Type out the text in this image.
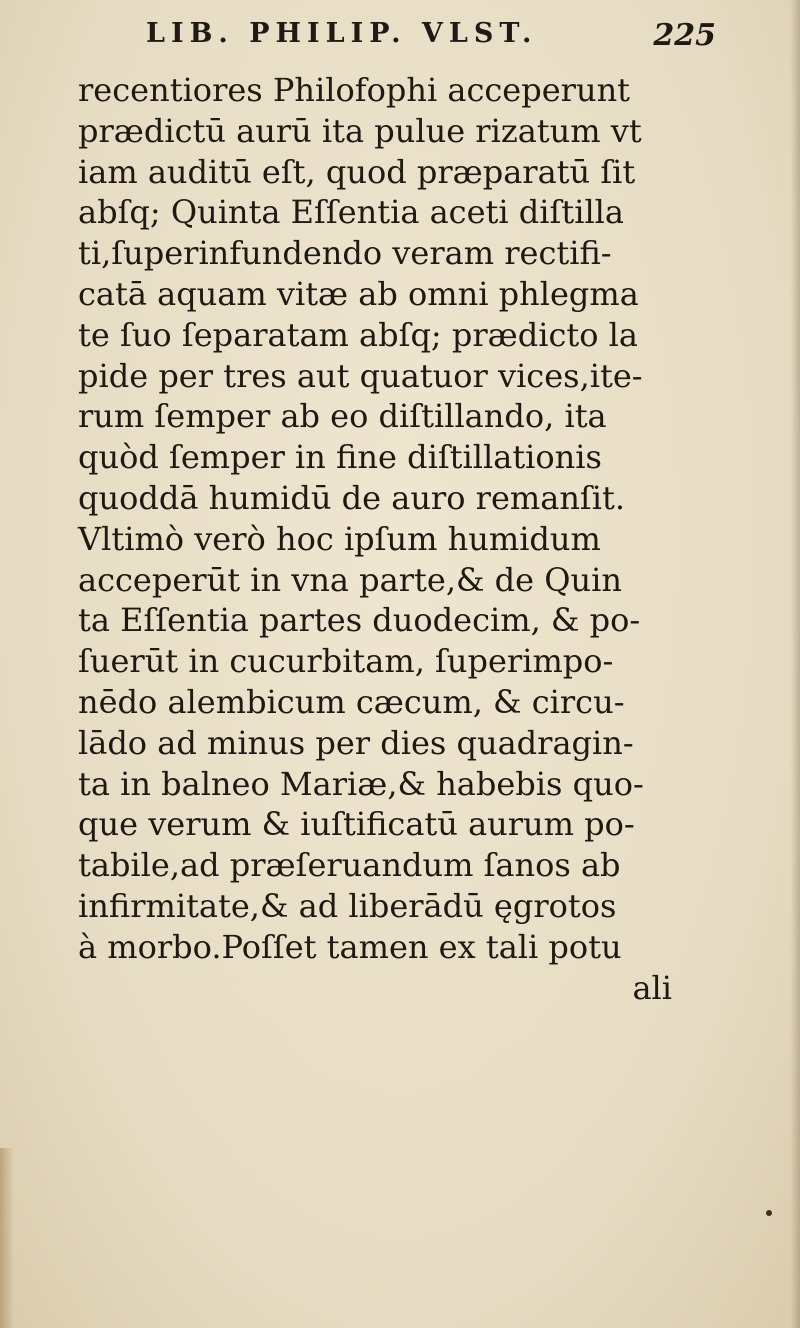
LIB. PHILIP. VLST.	225
recentiores Philofophi acceperunt
prædictū aurū ita pulue rizatum vt
iam auditū eſt, quod præparatū ſit
abſq; Quinta Eſſentia aceti diſtilla
ti,ſuperinfundendo veram rectifi-
catā aquam vitæ ab omni phlegma
te ſuo ſeparatam abſq; prædicto la
pide per tres aut quatuor vices,ite-
rum ſemper ab eo diſtillando, ita
quòd ſemper in fine diſtillationis
quoddā humidū de auro remanſit.
Vltimò verò hoc ipſum humidum
acceperūt in vna parte,& de Quin
ta Eſſentia partes duodecim, & po-
ſuerūt in cucurbitam, ſuperimpo-
nēdo alembicum cæcum, & circu-
lādo ad minus per dies quadragin-
ta in balneo Mariæ,& habebis quo-
que verum & iuſtificatū aurum po-
tabile,ad præſeruandum ſanos ab
infirmitate,& ad liberādū ęgrotos
à morbo.Poſſet tamen ex tali potu
ali
